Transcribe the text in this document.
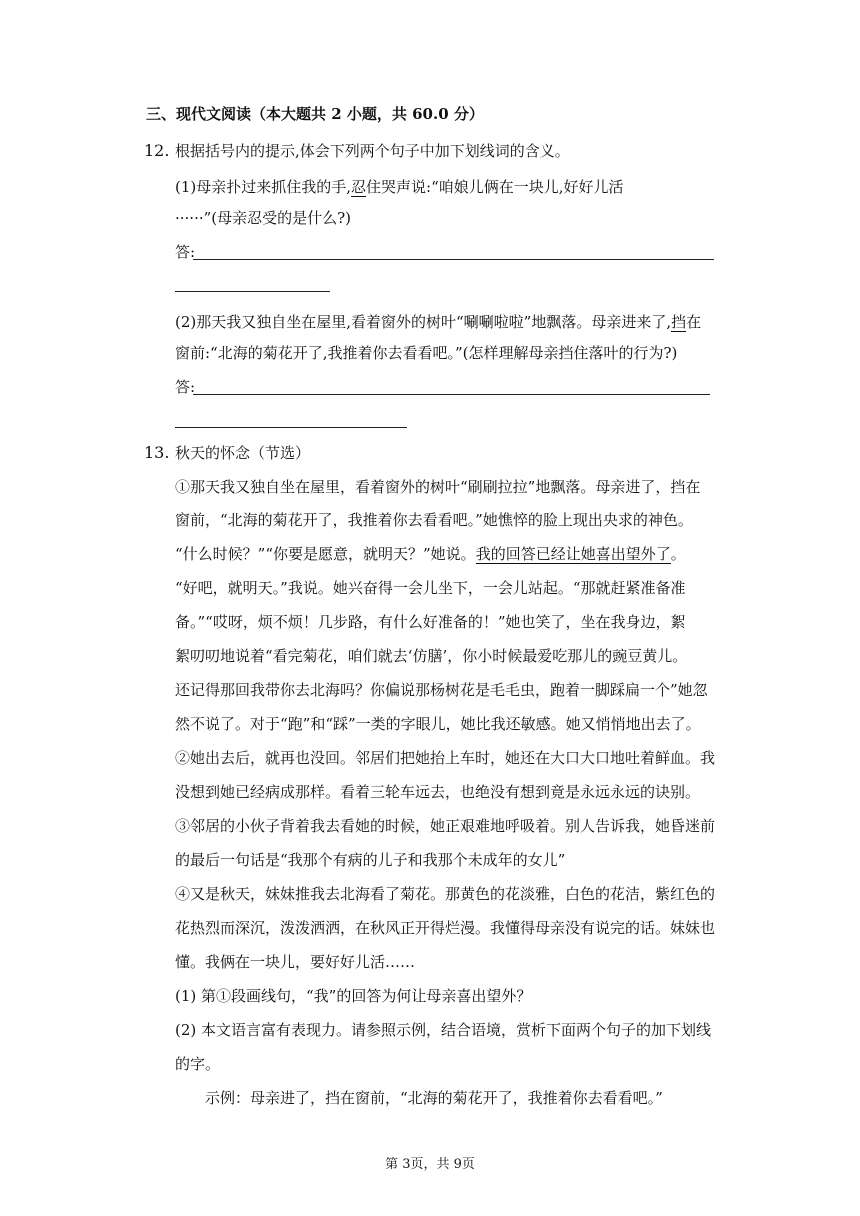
三、现代文阅读（本大题共 2 小题，共 60.0 分）
12. 根据括号内的提示,体会下列两个句子中加下划线词的含义。
(1)母亲扑过来抓住我的手,忍住哭声说:“咱娘儿俩在一块儿,好好儿活
······”(母亲忍受的是什么?)
答:
(2)那天我又独自坐在屋里,看着窗外的树叶“唰唰啦啦”地飘落。母亲进来了,挡在
窗前:“北海的菊花开了,我推着你去看看吧。”(怎样理解母亲挡住落叶的行为?)
答:
13. 秋天的怀念（节选）
①那天我又独自坐在屋里，看着窗外的树叶“刷刷拉拉”地飘落。母亲进了，挡在
窗前，“北海的菊花开了，我推着你去看看吧。”她憔悴的脸上现出央求的神色。
“什么时候？”“你要是愿意，就明天？”她说。我的回答已经让她喜出望外了。
“好吧，就明天。”我说。她兴奋得一会儿坐下，一会儿站起。“那就赶紧准备准
备。”“哎呀，烦不烦！几步路，有什么好准备的！”她也笑了，坐在我身边，絮
絮叨叨地说着“看完菊花，咱们就去‘仿膳’，你小时候最爱吃那儿的豌豆黄儿。
还记得那回我带你去北海吗？你偏说那杨树花是毛毛虫，跑着一脚踩扁一个”她忽
然不说了。对于“跑”和“踩”一类的字眼儿，她比我还敏感。她又悄悄地出去了。
②她出去后，就再也没回。邻居们把她抬上车时，她还在大口大口地吐着鲜血。我
没想到她已经病成那样。看着三轮车远去，也绝没有想到竟是永远永远的诀别。
③邻居的小伙子背着我去看她的时候，她正艰难地呼吸着。别人告诉我，她昏迷前
的最后一句话是“我那个有病的儿子和我那个未成年的女儿”
④又是秋天，妹妹推我去北海看了菊花。那黄色的花淡雅，白色的花洁，紫红色的
花热烈而深沉，泼泼洒洒，在秋风正开得烂漫。我懂得母亲没有说完的话。妹妹也
懂。我俩在一块儿，要好好儿活……
(1) 第①段画线句，“我”的回答为何让母亲喜出望外？
(2) 本文语言富有表现力。请参照示例，结合语境，赏析下面两个句子的加下划线
的字。
示例：母亲进了，挡在窗前，“北海的菊花开了，我推着你去看看吧。”
第 3页，共 9页
